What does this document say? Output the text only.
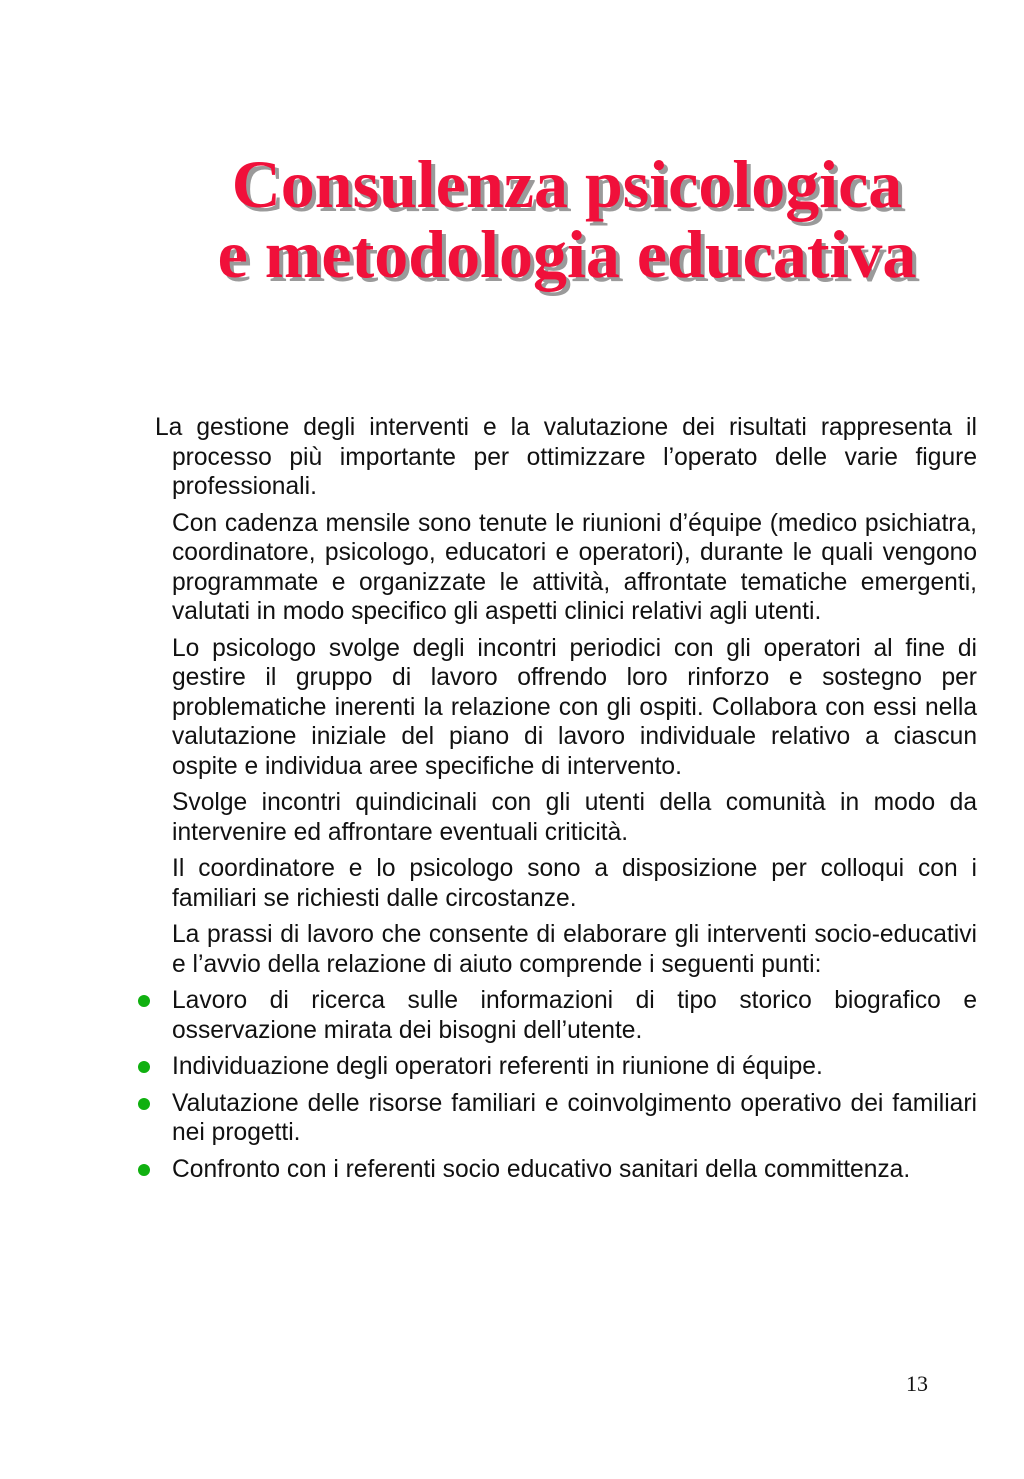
Consulenza psicologica
e metodologia educativa

La gestione degli interventi e la valutazione dei risultati rappresenta il processo più importante per ottimizzare l’operato delle varie figure professionali.

Con cadenza mensile sono tenute le riunioni d’équipe (medico psichiatra, coordinatore, psicologo, educatori e operatori), durante le quali vengono programmate e organizzate le attività, affrontate tematiche emergenti, valutati in modo specifico gli aspetti clinici relativi agli utenti.

Lo psicologo svolge degli incontri periodici con gli operatori al fine di gestire il gruppo di lavoro offrendo loro rinforzo e sostegno per problematiche inerenti la relazione con gli ospiti. Collabora con essi nella valutazione iniziale del piano di lavoro individuale relativo a ciascun ospite e individua aree specifiche di intervento.

Svolge incontri quindicinali con gli utenti della comunità in modo da intervenire ed affrontare eventuali criticità.

Il coordinatore e lo psicologo sono a disposizione per colloqui con i familiari se richiesti dalle circostanze.

La prassi di lavoro che consente di elaborare gli interventi socio-educativi e l’avvio della relazione di aiuto comprende i seguenti punti:

Lavoro di ricerca sulle informazioni di tipo storico biografico e osservazione mirata dei bisogni dell’utente.
Individuazione degli operatori referenti in riunione di équipe.
Valutazione delle risorse familiari e coinvolgimento operativo dei familiari nei progetti.
Confronto con i referenti socio educativo sanitari della committenza.
13
